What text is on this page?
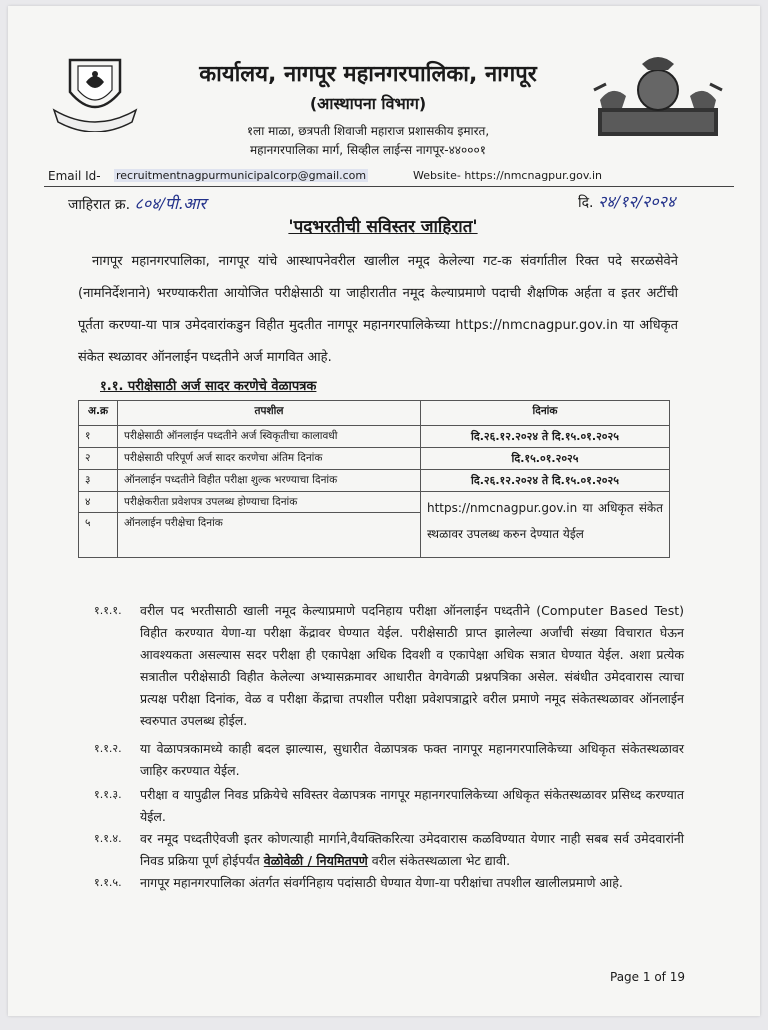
कार्यालय, नागपूर महानगरपालिका, नागपूर
(आस्थापना विभाग)
१ला माळा, छत्रपती शिवाजी महाराज प्रशासकीय इमारत,
महानगरपालिका मार्ग, सिव्हील लाईन्स नागपूर-४४०००१
Email Id- recruitmentnagpurmunicipalcorp@gmail.com	Website- https://nmcnagpur.gov.in
जाहिरात क्र. ८०४/पी.आर	दि. २४/१२/२०२४
'पदभरतीची सविस्तर जाहिरात'
नागपूर महानगरपालिका, नागपूर यांचे आस्थापनेवरील खालील नमूद केलेल्या गट-क संवर्गातील रिक्त पदे सरळसेवेने (नामनिर्देशनाने) भरण्याकरीता आयोजित परीक्षेसाठी या जाहीरातीत नमूद केल्याप्रमाणे पदाची शैक्षणिक अर्हता व इतर अटींची पूर्तता करण्या-या पात्र उमेदवारांकडुन विहीत मुदतीत नागपूर महानगरपालिकेच्या https://nmcnagpur.gov.in या अधिकृत संकेत स्थळावर ऑनलाईन पध्दतीने अर्ज मागवित आहे.
१.१. परीक्षेसाठी अर्ज सादर करणेचे वेळापत्रक
अ.क्र	तपशील	दिनांक
१	परीक्षेसाठी ऑनलाईन पध्दतीने अर्ज स्विकृतीचा कालावधी	दि.२६.१२.२०२४ ते दि.१५.०१.२०२५
२	परीक्षेसाठी परिपूर्ण अर्ज सादर करणेचा अंतिम दिनांक	दि.१५.०१.२०२५
३	ऑनलाईन पध्दतीने विहीत परीक्षा शुल्क भरण्याचा दिनांक	दि.२६.१२.२०२४ ते दि.१५.०१.२०२५
४	परीक्षेकरीता प्रवेशपत्र उपलब्ध होण्याचा दिनांक	https://nmcnagpur.gov.in या अधिकृत संकेत स्थळावर उपलब्ध करुन देण्यात येईल
५	ऑनलाईन परीक्षेचा दिनांक	
१.१.१.	वरील पद भरतीसाठी खाली नमूद केल्याप्रमाणे पदनिहाय परीक्षा ऑनलाईन पध्दतीने (Computer Based Test) विहीत करण्यात येणा-या परीक्षा केंद्रावर घेण्यात येईल. परीक्षेसाठी प्राप्त झालेल्या अर्जांची संख्या विचारात घेऊन आवश्यकता असल्यास सदर परीक्षा ही एकापेक्षा अधिक दिवशी व एकापेक्षा अधिक सत्रात घेण्यात येईल. अशा प्रत्येक सत्रातील परीक्षेसाठी विहीत केलेल्या अभ्यासक्रमावर आधारीत वेगवेगळी प्रश्नपत्रिका असेल. संबंधीत उमेदवारास त्याचा प्रत्यक्ष परीक्षा दिनांक, वेळ व परीक्षा केंद्राचा तपशील परीक्षा प्रवेशपत्राद्वारे वरील प्रमाणे नमूद संकेतस्थळावर ऑनलाईन स्वरुपात उपलब्ध होईल.
१.१.२.	या वेळापत्रकामध्ये काही बदल झाल्यास, सुधारीत वेळापत्रक फक्त नागपूर महानगरपालिकेच्या अधिकृत संकेतस्थळावर जाहिर करण्यात येईल.
१.१.३.	परीक्षा व यापुढील निवड प्रक्रियेचे सविस्तर वेळापत्रक नागपूर महानगरपालिकेच्या अधिकृत संकेतस्थळावर प्रसिध्द करण्यात येईल.
१.१.४.	वर नमूद पध्दतीऐवजी इतर कोणत्याही मार्गाने,वैयक्तिकरित्या उमेदवारास कळविण्यात येणार नाही सबब सर्व उमेदवारांनी निवड प्रक्रिया पूर्ण होईपर्यंत वेळोवेळी / नियमितपणे वरील संकेतस्थळाला भेट द्यावी.
१.१.५.	नागपूर महानगरपालिका अंतर्गत संवर्गनिहाय पदांसाठी घेण्यात येणा-या परीक्षांचा तपशील खालीलप्रमाणे आहे.
Page 1 of 19
